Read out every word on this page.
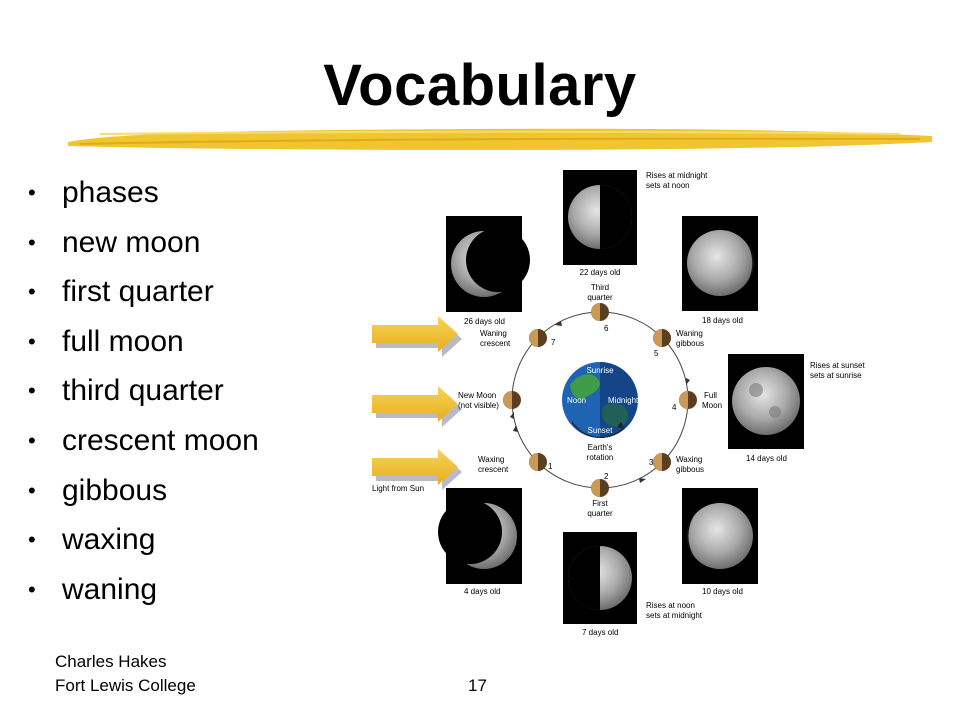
Vocabulary
• phases
• new moon
• first quarter
• full moon
• third quarter
• crescent moon
• gibbous
• waxing
• waning
Light from Sun
Sunrise
Noon	Midnight
Sunset
Earth's
rotation
1
2
3
4
5
6
7
Third
quarter
Waning
crescent
Waning
gibbous
New Moon
(not visible)
Full
Moon
Waxing
crescent
Waxing
gibbous
First
quarter
22 days old
Rises at midnight
sets at noon
26 days old	18 days old
14 days old
Rises at sunset
sets at sunrise
10 days old
4 days old
7 days old
Rises at noon
sets at midnight
Charles Hakes
Fort Lewis College	17
